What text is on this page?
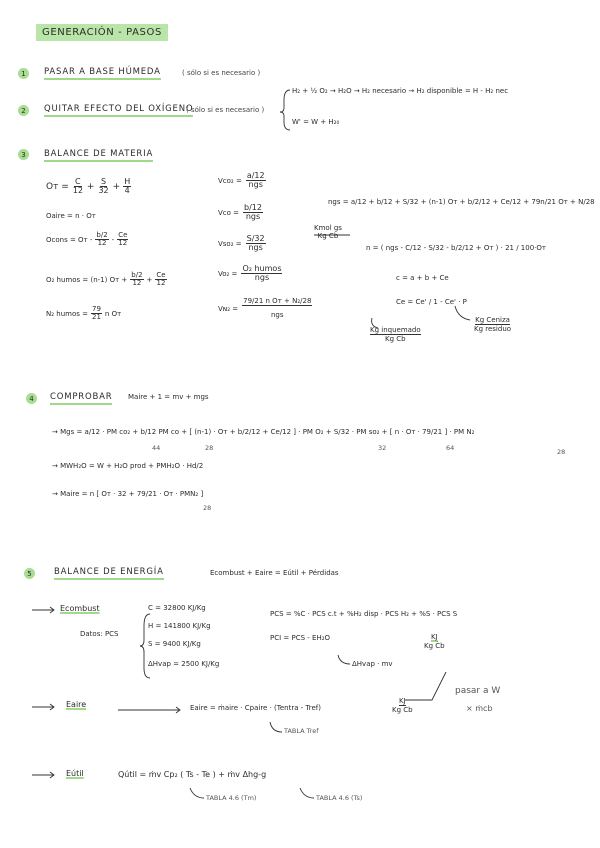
GENERACIÓN - PASOS
1	PASAR A BASE HÚMEDA	( sólo si es necesario )
2	QUITAR EFECTO DEL OXÍGENO
( sólo si es necesario )
H₂ + ½ O₂ → H₂O → H₂ necesario → H₂ disponible = H - H₂ nec
W' = W + H₂₀
3	BALANCE DE MATERIA
Oᴛ = $\frac{C}{12} + \frac{S}{32} + \frac{H}{4}$
Oaire = n · Oᴛ
Ocons = Oᴛ - $\frac{b/2}{12} - \frac{Ce}{12}$
O₂ humos = (n-1) Oᴛ + $\frac{b/2}{12} + \frac{Ce}{12}$
N₂ humos = $\frac{79}{21}$ n Oᴛ
$Vco_2 = \frac{a/12}{\text{ngs}}$
Vco = $\frac{b/12}{\text{ngs}}$
$Vso_2 = \frac{S/32}{\text{ngs}}$
$Vo_2 = \frac{\text{O₂ humos}}{\text{ngs}}$
Vɴ₂ = $\frac{\text{79/21 n Oᴛ + N₂/28}}{\text{ngs}}$
ngs = a/12 + b/12 + S/32 + (n-1) Oᴛ + b/2/12 + Ce/12 + 79n/21 Oᴛ + N/28
Kmol gs
Kg Cb
n = ( ngs - C/12 - S/32 - b/2/12 + Oᴛ ) · 21 / 100·Oᴛ
c = a + b + Ce
Ce = Ce' / 1 - Ce' · P
Kg inquemado
Kg Cb
Kg Ceniza
Kg residuo
4	COMPROBAR Maire + 1 = mv + mgs
→ Mgs = a/12 · PM co₂ + b/12 PM co + [ (n-1) · Oᴛ + b/2/12 + Ce/12 ] · PM O₂ + S/32 · PM so₂ + [ n · Oᴛ · 79/21 ] · PM N₂
44	28	32	64	28
→ MWH₂O = W + H₂O prod + PMH₂O · Hd/2
→ Maire = n [ Oᴛ · 32 + 79/21 · Oᴛ · PMN₂ ]
28
5	BALANCE DE ENERGÍA	Ecombust + Eaire = Eútil + Pérdidas
Ecombust
Datos: PCS
C = 32800 KJ/Kg
H = 141800 KJ/Kg
S = 9400 KJ/Kg
ΔHvap = 2500 KJ/Kg
PCS = %C · PCS c.t + %H₂ disp · PCS H₂ + %S · PCS S
PCI = PCS - EH₂O
ΔHvap · mv
KJ
Kg Cb
Eaire	Eaire = ṁaire · Cpaire · (Tentra - Tref)
TABLA Tref
KJ
Kg Cb
pasar a W
× ṁcb
Eútil	Qútil = ṁv Cp₂ ( Ts - Te ) + ṁv Δhg-g
TABLA 4.6 (Tm)	TABLA 4.6 (Ts)
